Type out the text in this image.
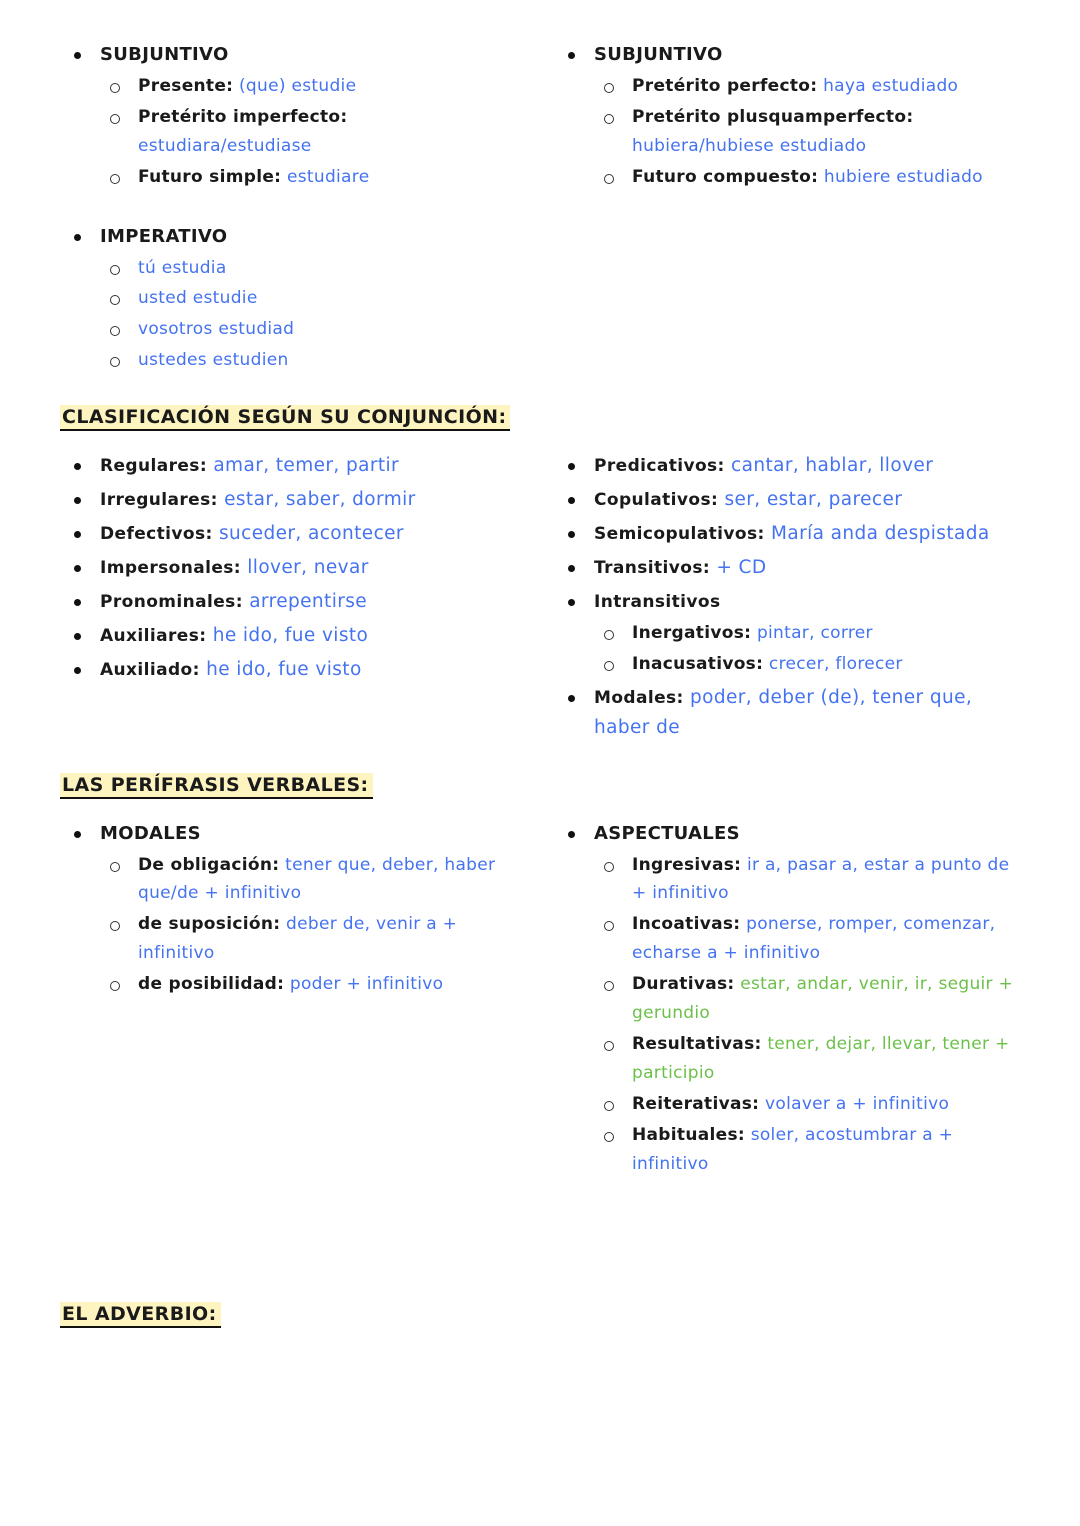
SUBJUNTIVO
Presente: (que) estudie
Pretérito imperfecto: estudiara/estudiase
Futuro simple: estudiare
IMPERATIVO
tú estudia
usted estudie
vosotros estudiad
ustedes estudien
SUBJUNTIVO
Pretérito perfecto: haya estudiado
Pretérito plusquamperfecto: hubiera/hubiese estudiado
Futuro compuesto: hubiere estudiado
CLASIFICACIÓN SEGÚN SU CONJUNCIÓN:
Regulares: amar, temer, partir
Irregulares: estar, saber, dormir
Defectivos: suceder, acontecer
Impersonales: llover, nevar
Pronominales: arrepentirse
Auxiliares: he ido, fue visto
Auxiliado: he ido, fue visto
Predicativos: cantar, hablar, llover
Copulativos: ser, estar, parecer
Semicopulativos: María anda despistada
Transitivos: + CD
Intransitivos
Inergativos: pintar, correr
Inacusativos: crecer, florecer
Modales: poder, deber (de), tener que, haber de
LAS PERÍFRASIS VERBALES:
MODALES
De obligación: tener que, deber, haber que/de + infinitivo
de suposición: deber de, venir a + infinitivo
de posibilidad: poder + infinitivo
ASPECTUALES
Ingresivas: ir a, pasar a, estar a punto de + infinitivo
Incoativas: ponerse, romper, comenzar, echarse a + infinitivo
Durativas: estar, andar, venir, ir, seguir + gerundio
Resultativas: tener, dejar, llevar, tener + participio
Reiterativas: volaver a + infinitivo
Habituales: soler, acostumbrar a + infinitivo
EL ADVERBIO:
